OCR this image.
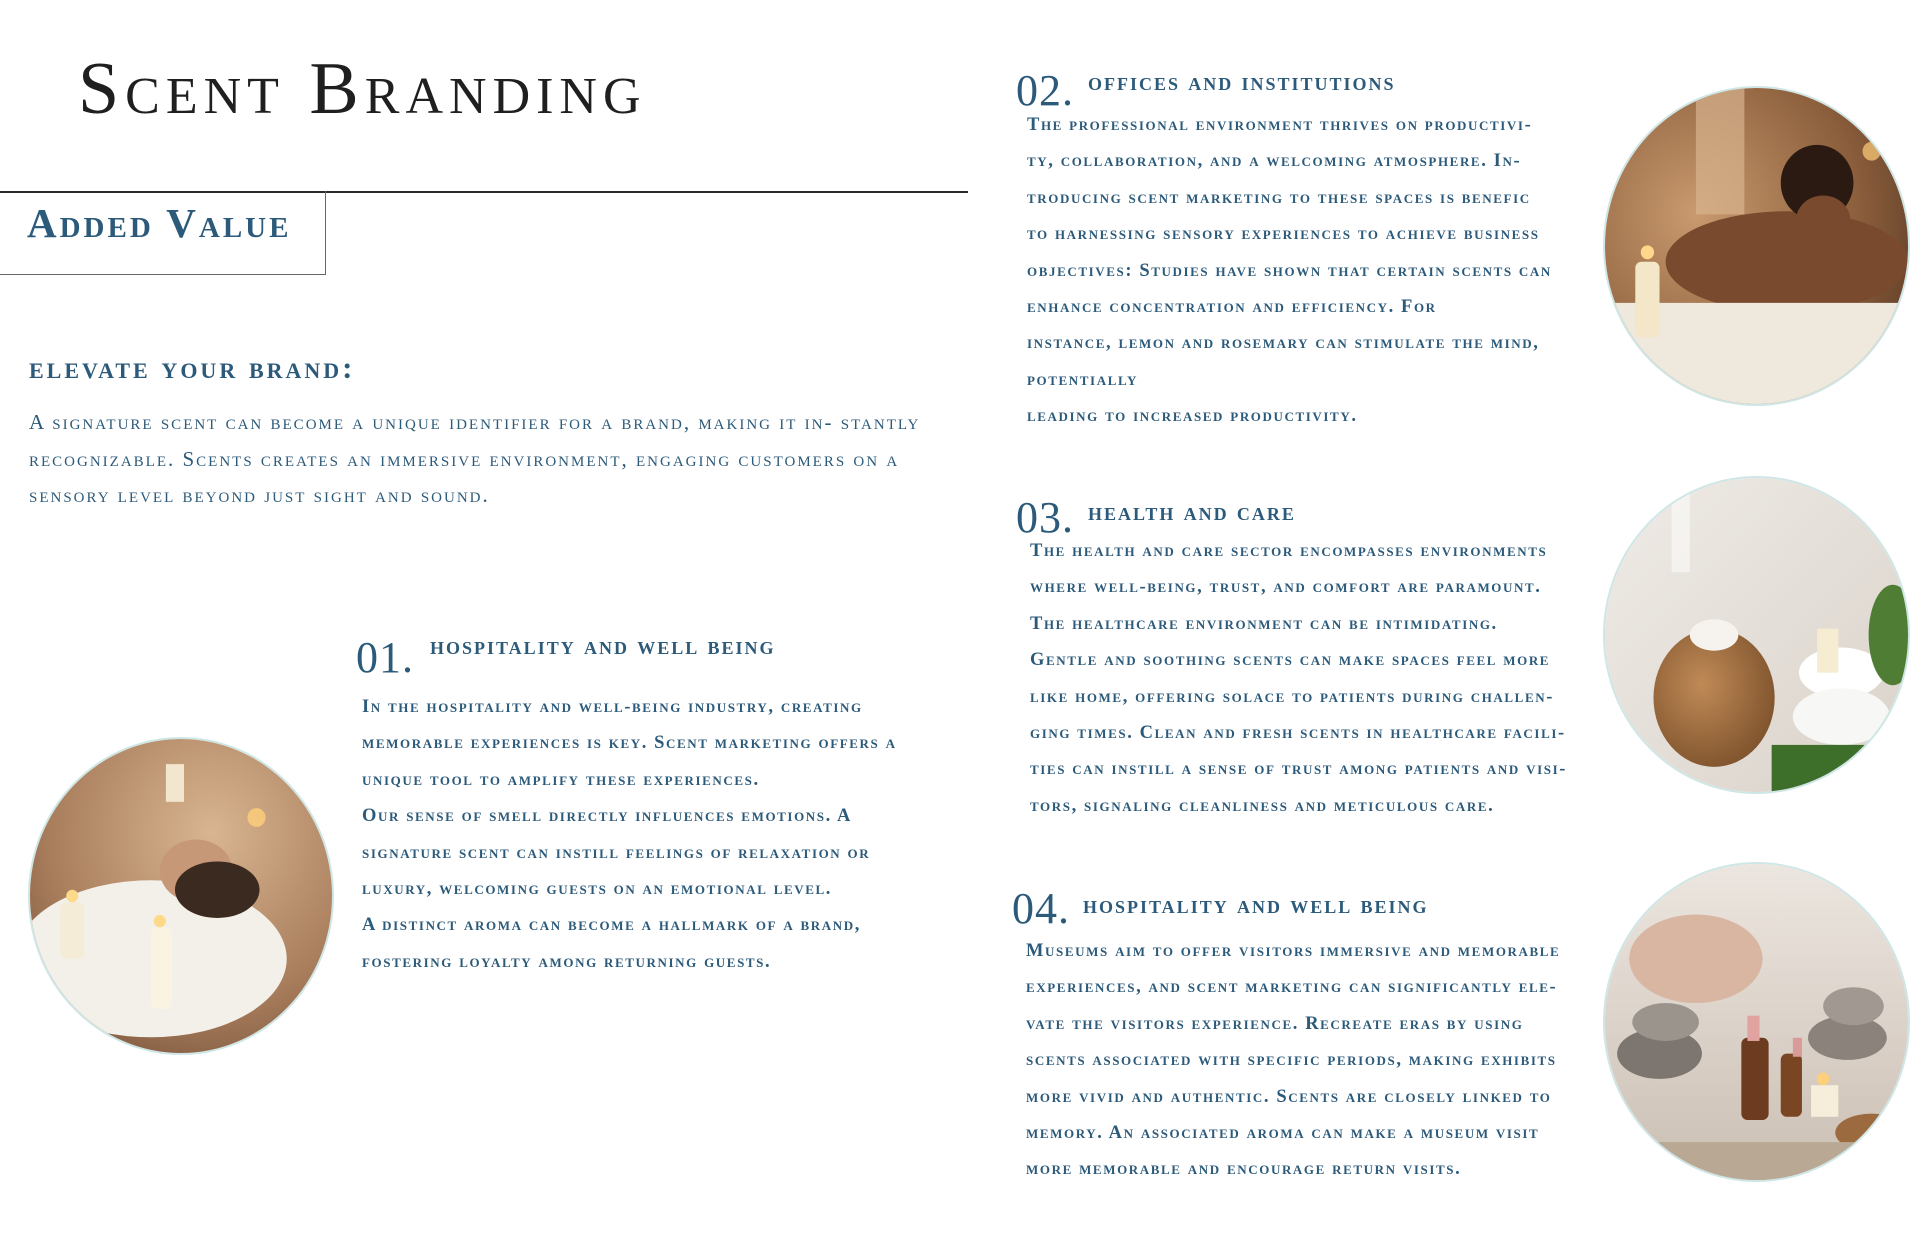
Scent Branding
Added Value
elevate your brand:

A signature scent can become a unique identifier for a brand, making it in- stantly recognizable. Scents creates an immersive environment, engaging customers on a sensory level beyond just sight and sound.

01. hospitality and well being
In the hospitality and well-being industry, creating
memorable experiences is key. Scent marketing offers a
unique tool to amplify these experiences.
Our sense of smell directly influences emotions. A
signature scent can instill feelings of relaxation or
luxury, welcoming guests on an emotional level.
A distinct aroma can become a hallmark of a brand,
fostering loyalty among returning guests.
02. offices and institutions
The professional environment thrives on productivi-
ty, collaboration, and a welcoming atmosphere. In-
troducing scent marketing to these spaces is benefic
to harnessing sensory experiences to achieve business
objectives: Studies have shown that certain scents can
enhance concentration and efficiency. For
instance, lemon and rosemary can stimulate the mind,
potentially
leading to increased productivity.
03. health and care
The health and care sector encompasses environments
where well-being, trust, and comfort are paramount.
The healthcare environment can be intimidating.
Gentle and soothing scents can make spaces feel more
like home, offering solace to patients during challen-
ging times. Clean and fresh scents in healthcare facili-
ties can instill a sense of trust among patients and visi-
tors, signaling cleanliness and meticulous care.
04. hospitality and well being
Museums aim to offer visitors immersive and memorable
experiences, and scent marketing can significantly ele-
vate the visitors experience. Recreate eras by using
scents associated with specific periods, making exhibits
more vivid and authentic. Scents are closely linked to
memory. An associated aroma can make a museum visit
more memorable and encourage return visits.
